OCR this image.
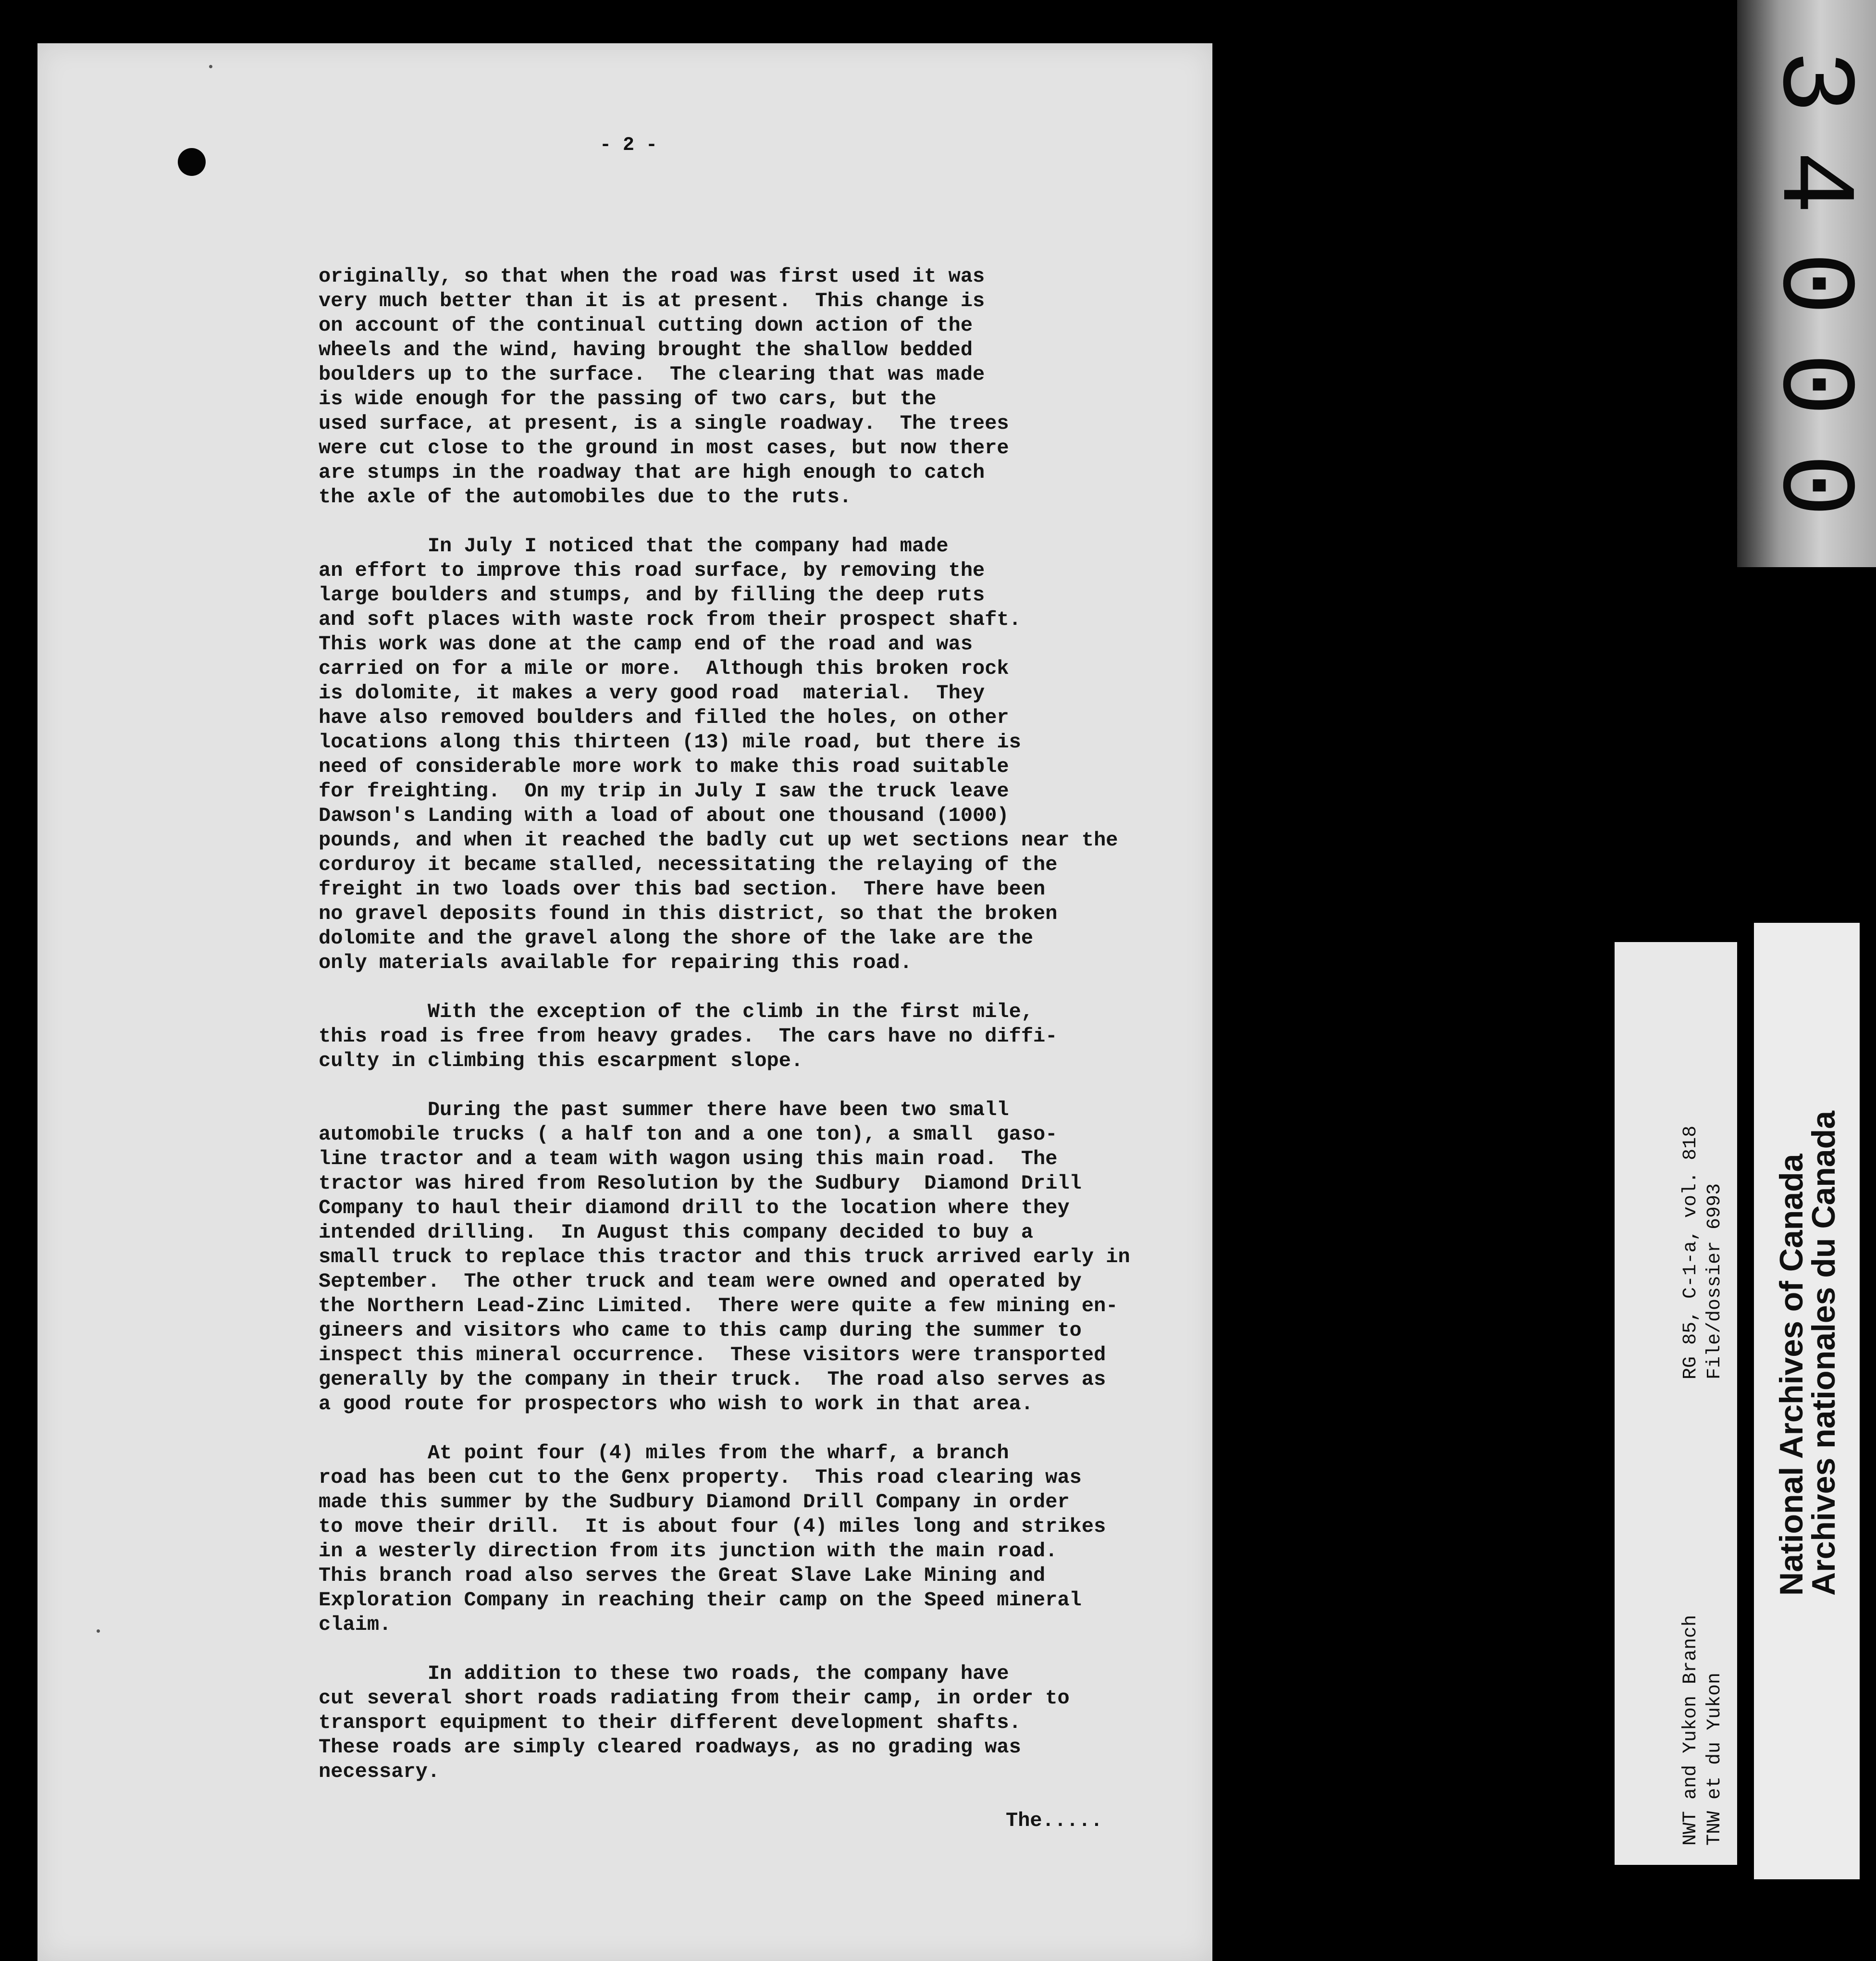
- 2 -
originally, so that when the road was first used it was
very much better than it is at present.  This change is
on account of the continual cutting down action of the
wheels and the wind, having brought the shallow bedded
boulders up to the surface.  The clearing that was made
is wide enough for the passing of two cars, but the
used surface, at present, is a single roadway.  The trees
were cut close to the ground in most cases, but now there
are stumps in the roadway that are high enough to catch
the axle of the automobiles due to the ruts.
In July I noticed that the company had made
an effort to improve this road surface, by removing the
large boulders and stumps, and by filling the deep ruts
and soft places with waste rock from their prospect shaft.
This work was done at the camp end of the road and was
carried on for a mile or more.  Although this broken rock
is dolomite, it makes a very good road  material.  They
have also removed boulders and filled the holes, on other
locations along this thirteen (13) mile road, but there is
need of considerable more work to make this road suitable
for freighting.  On my trip in July I saw the truck leave
Dawson's Landing with a load of about one thousand (1000)
pounds, and when it reached the badly cut up wet sections near the
corduroy it became stalled, necessitating the relaying of the
freight in two loads over this bad section.  There have been
no gravel deposits found in this district, so that the broken
dolomite and the gravel along the shore of the lake are the
only materials available for repairing this road.
With the exception of the climb in the first mile,
this road is free from heavy grades.  The cars have no diffi-
culty in climbing this escarpment slope.
During the past summer there have been two small
automobile trucks ( a half ton and a one ton), a small  gaso-
line tractor and a team with wagon using this main road.  The
tractor was hired from Resolution by the Sudbury  Diamond Drill
Company to haul their diamond drill to the location where they
intended drilling.  In August this company decided to buy a
small truck to replace this tractor and this truck arrived early in
September.  The other truck and team were owned and operated by
the Northern Lead-Zinc Limited.  There were quite a few mining en-
gineers and visitors who came to this camp during the summer to
inspect this mineral occurrence.  These visitors were transported
generally by the company in their truck.  The road also serves as
a good route for prospectors who wish to work in that area.
At point four (4) miles from the wharf, a branch
road has been cut to the Genx property.  This road clearing was
made this summer by the Sudbury Diamond Drill Company in order
to move their drill.  It is about four (4) miles long and strikes
in a westerly direction from its junction with the main road.
This branch road also serves the Great Slave Lake Mining and
Exploration Company in reaching their camp on the Speed mineral
claim.
In addition to these two roads, the company have
cut several short roads radiating from their camp, in order to
transport equipment to their different development shafts.
These roads are simply cleared roadways, as no grading was
necessary.
The.....
0
0
0
4
3
RG 85, C-1-a, vol. 818 File/dossier 6993
NWT and Yukon Branch TNW et du Yukon
National Archives of Canada
Archives nationales du Canada
